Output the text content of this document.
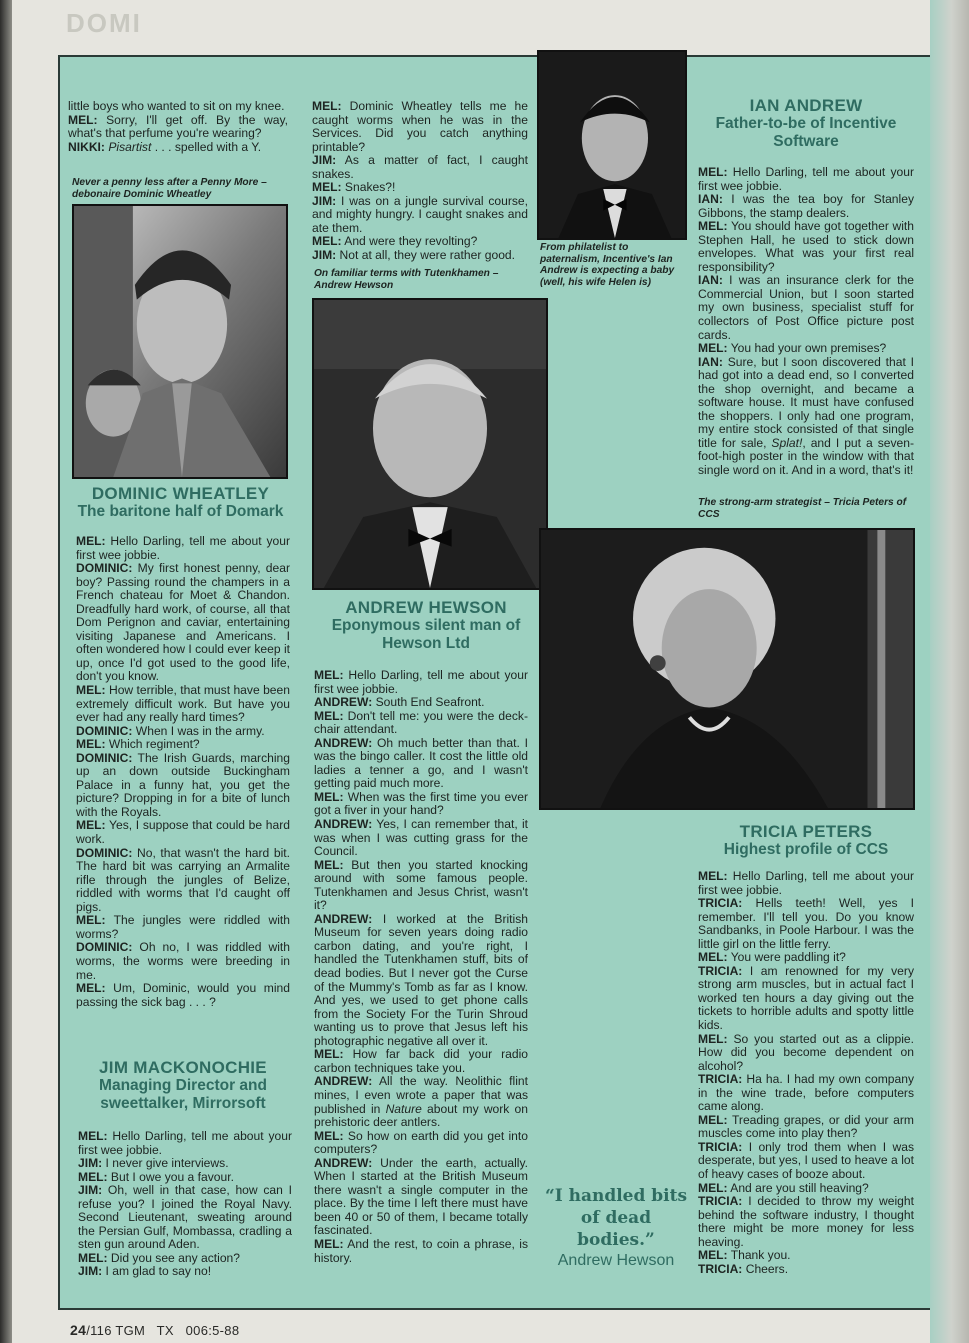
DOMI

little boys who wanted to sit on my knee.

MEL: Sorry, I'll get off. By the way, what's that perfume you're wearing?

NIKKI: Pisartist . . . spelled with a Y.

Never a penny less after a Penny More – debonaire Dominic Wheatley
DOMINIC WHEATLEY
The baritone half of Domark

MEL: Hello Darling, tell me about your first wee jobbie.

DOMINIC: My first honest penny, dear boy? Passing round the champers in a French chateau for Moet & Chandon. Dreadfully hard work, of course, all that Dom Perignon and caviar, entertaining visiting Japanese and Americans. I often wondered how I could ever keep it up, once I'd got used to the good life, don't you know.

MEL: How terrible, that must have been extremely difficult work. But have you ever had any really hard times?

DOMINIC: When I was in the army.

MEL: Which regiment?

DOMINIC: The Irish Guards, marching up an down outside Buckingham Palace in a funny hat, you get the picture? Dropping in for a bite of lunch with the Royals.

MEL: Yes, I suppose that could be hard work.

DOMINIC: No, that wasn't the hard bit. The hard bit was carrying an Armalite rifle through the jungles of Belize, riddled with worms that I'd caught off pigs.

MEL: The jungles were riddled with worms?

DOMINIC: Oh no, I was riddled with worms, the worms were breeding in me.

MEL: Um, Dominic, would you mind passing the sick bag . . . ?

JIM MACKONOCHIE
Managing Director and sweettalker, Mirrorsoft

MEL: Hello Darling, tell me about your first wee jobbie.

JIM: I never give interviews.

MEL: But I owe you a favour.

JIM: Oh, well in that case, how can I refuse you? I joined the Royal Navy. Second Lieutenant, sweating around the Persian Gulf, Mombassa, cradling a sten gun around Aden.

MEL: Did you see any action?

JIM: I am glad to say no!

MEL: Dominic Wheatley tells me he caught worms when he was in the Services. Did you catch anything printable?

JIM: As a matter of fact, I caught snakes.

MEL: Snakes?!

JIM: I was on a jungle survival course, and mighty hungry. I caught snakes and ate them.

MEL: And were they revolting?

JIM: Not at all, they were rather good.

On familiar terms with Tutenkhamen – Andrew Hewson
ANDREW HEWSON
Eponymous silent man of Hewson Ltd

MEL: Hello Darling, tell me about your first wee jobbie.

ANDREW: South End Seafront.

MEL: Don't tell me: you were the deck-chair attendant.

ANDREW: Oh much better than that. I was the bingo caller. It cost the little old ladies a tenner a go, and I wasn't getting paid much more.

MEL: When was the first time you ever got a fiver in your hand?

ANDREW: Yes, I can remember that, it was when I was cutting grass for the Council.

MEL: But then you started knocking around with some famous people. Tutenkhamen and Jesus Christ, wasn't it?

ANDREW: I worked at the British Museum for seven years doing radio carbon dating, and you're right, I handled the Tutenkhamen stuff, bits of dead bodies. But I never got the Curse of the Mummy's Tomb as far as I know. And yes, we used to get phone calls from the Society For the Turin Shroud wanting us to prove that Jesus left his photographic negative all over it.

MEL: How far back did your radio carbon techniques take you.

ANDREW: All the way. Neolithic flint mines, I even wrote a paper that was published in Nature about my work on prehistoric deer antlers.

MEL: So how on earth did you get into computers?

ANDREW: Under the earth, actually. When I started at the British Museum there wasn't a single computer in the place. By the time I left there must have been 40 or 50 of them, I became totally fascinated.

MEL: And the rest, to coin a phrase, is history.

From philatelist to paternalism, Incentive's Ian Andrew is expecting a baby (well, his wife Helen is)
IAN ANDREW
Father-to-be of Incentive Software

MEL: Hello Darling, tell me about your first wee jobbie.

IAN: I was the tea boy for Stanley Gibbons, the stamp dealers.

MEL: You should have got together with Stephen Hall, he used to stick down envelopes. What was your first real responsibility?

IAN: I was an insurance clerk for the Commercial Union, but I soon started my own business, specialist stuff for collectors of Post Office picture post cards.

MEL: You had your own premises?

IAN: Sure, but I soon discovered that I had got into a dead end, so I converted the shop overnight, and became a software house. It must have confused the shoppers. I only had one program, my entire stock consisted of that single title for sale, Splat!, and I put a seven-foot-high poster in the window with that single word on it. And in a word, that's it!

The strong-arm strategist – Tricia Peters of CCS
TRICIA PETERS
Highest profile of CCS

MEL: Hello Darling, tell me about your first wee jobbie.

TRICIA: Hells teeth! Well, yes I remember. I'll tell you. Do you know Sandbanks, in Poole Harbour. I was the little girl on the little ferry.

MEL: You were paddling it?

TRICIA: I am renowned for my very strong arm muscles, but in actual fact I worked ten hours a day giving out the tickets to horrible adults and spotty little kids.

MEL: So you started out as a clippie. How did you become dependent on alcohol?

TRICIA: Ha ha. I had my own company in the wine trade, before computers came along.

MEL: Treading grapes, or did your arm muscles come into play then?

TRICIA: I only trod them when I was desperate, but yes, I used to heave a lot of heavy cases of booze about.

MEL: And are you still heaving?

TRICIA: I decided to throw my weight behind the software industry, I thought there might be more money for less heaving.

MEL: Thank you.

TRICIA: Cheers.

“I handled bits of dead bodies.”
Andrew Hewson
24/116 TGM   TX   006:5-88
